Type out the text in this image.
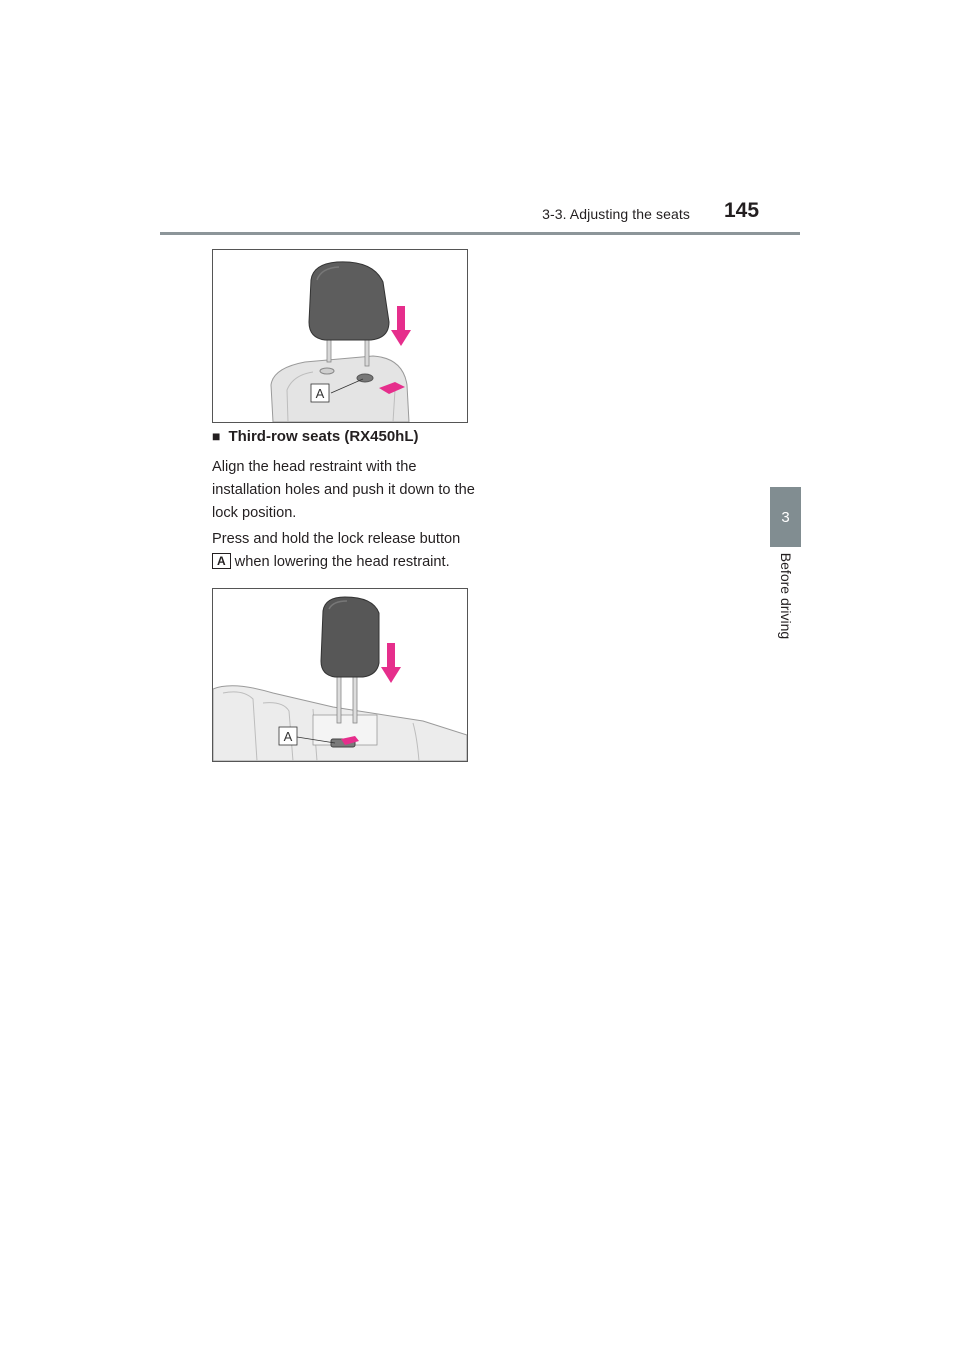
3-3. Adjusting the seats 145
3
Before driving
A
■ Third-row seats (RX450hL)
Align the head restraint with the installation holes and push it down to the lock position.
Press and hold the lock release button
A when lowering the head restraint.
A
